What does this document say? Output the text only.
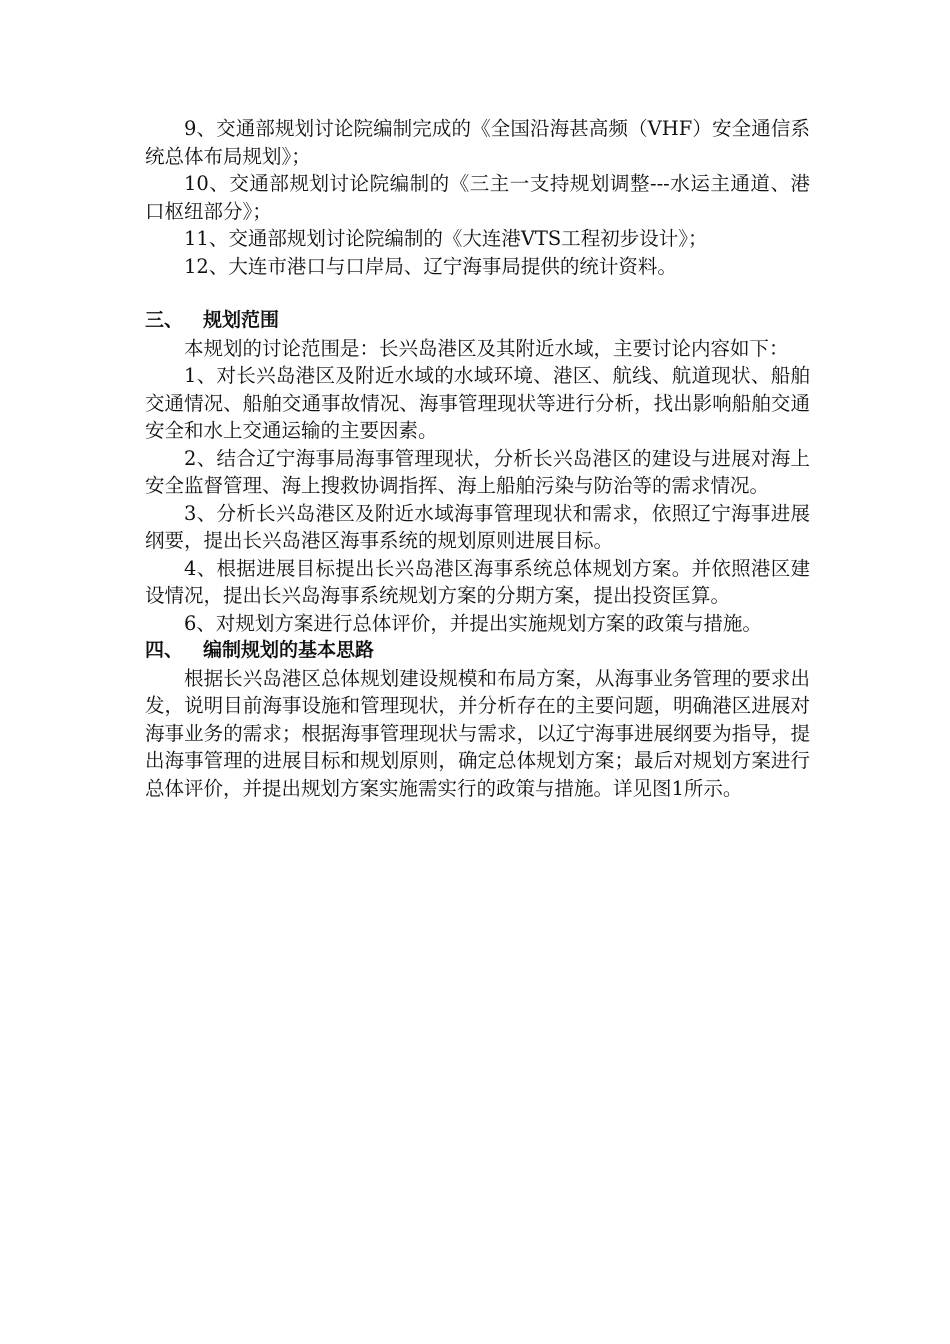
9、交通部规划讨论院编制完成的《全国沿海甚高频（VHF）安全通信系统总体布局规划》；

10、交通部规划讨论院编制的《三主一支持规划调整---水运主通道、港口枢纽部分》；

11、交通部规划讨论院编制的《大连港VTS工程初步设计》；

12、大连市港口与口岸局、辽宁海事局提供的统计资料。

三、 规划范围

本规划的讨论范围是：长兴岛港区及其附近水域，主要讨论内容如下：

1、对长兴岛港区及附近水域的水域环境、港区、航线、航道现状、船舶交通情况、船舶交通事故情况、海事管理现状等进行分析，找出影响船舶交通安全和水上交通运输的主要因素。

2、结合辽宁海事局海事管理现状，分析长兴岛港区的建设与进展对海上安全监督管理、海上搜救协调指挥、海上船舶污染与防治等的需求情况。

3、分析长兴岛港区及附近水域海事管理现状和需求，依照辽宁海事进展纲要，提出长兴岛港区海事系统的规划原则进展目标。

4、根据进展目标提出长兴岛港区海事系统总体规划方案。并依照港区建设情况，提出长兴岛海事系统规划方案的分期方案，提出投资匡算。

6、对规划方案进行总体评价，并提出实施规划方案的政策与措施。

四、 编制规划的基本思路

根据长兴岛港区总体规划建设规模和布局方案，从海事业务管理的要求出发，说明目前海事设施和管理现状，并分析存在的主要问题，明确港区进展对海事业务的需求；根据海事管理现状与需求，以辽宁海事进展纲要为指导，提出海事管理的进展目标和规划原则，确定总体规划方案；最后对规划方案进行总体评价，并提出规划方案实施需实行的政策与措施。详见图1所示。
